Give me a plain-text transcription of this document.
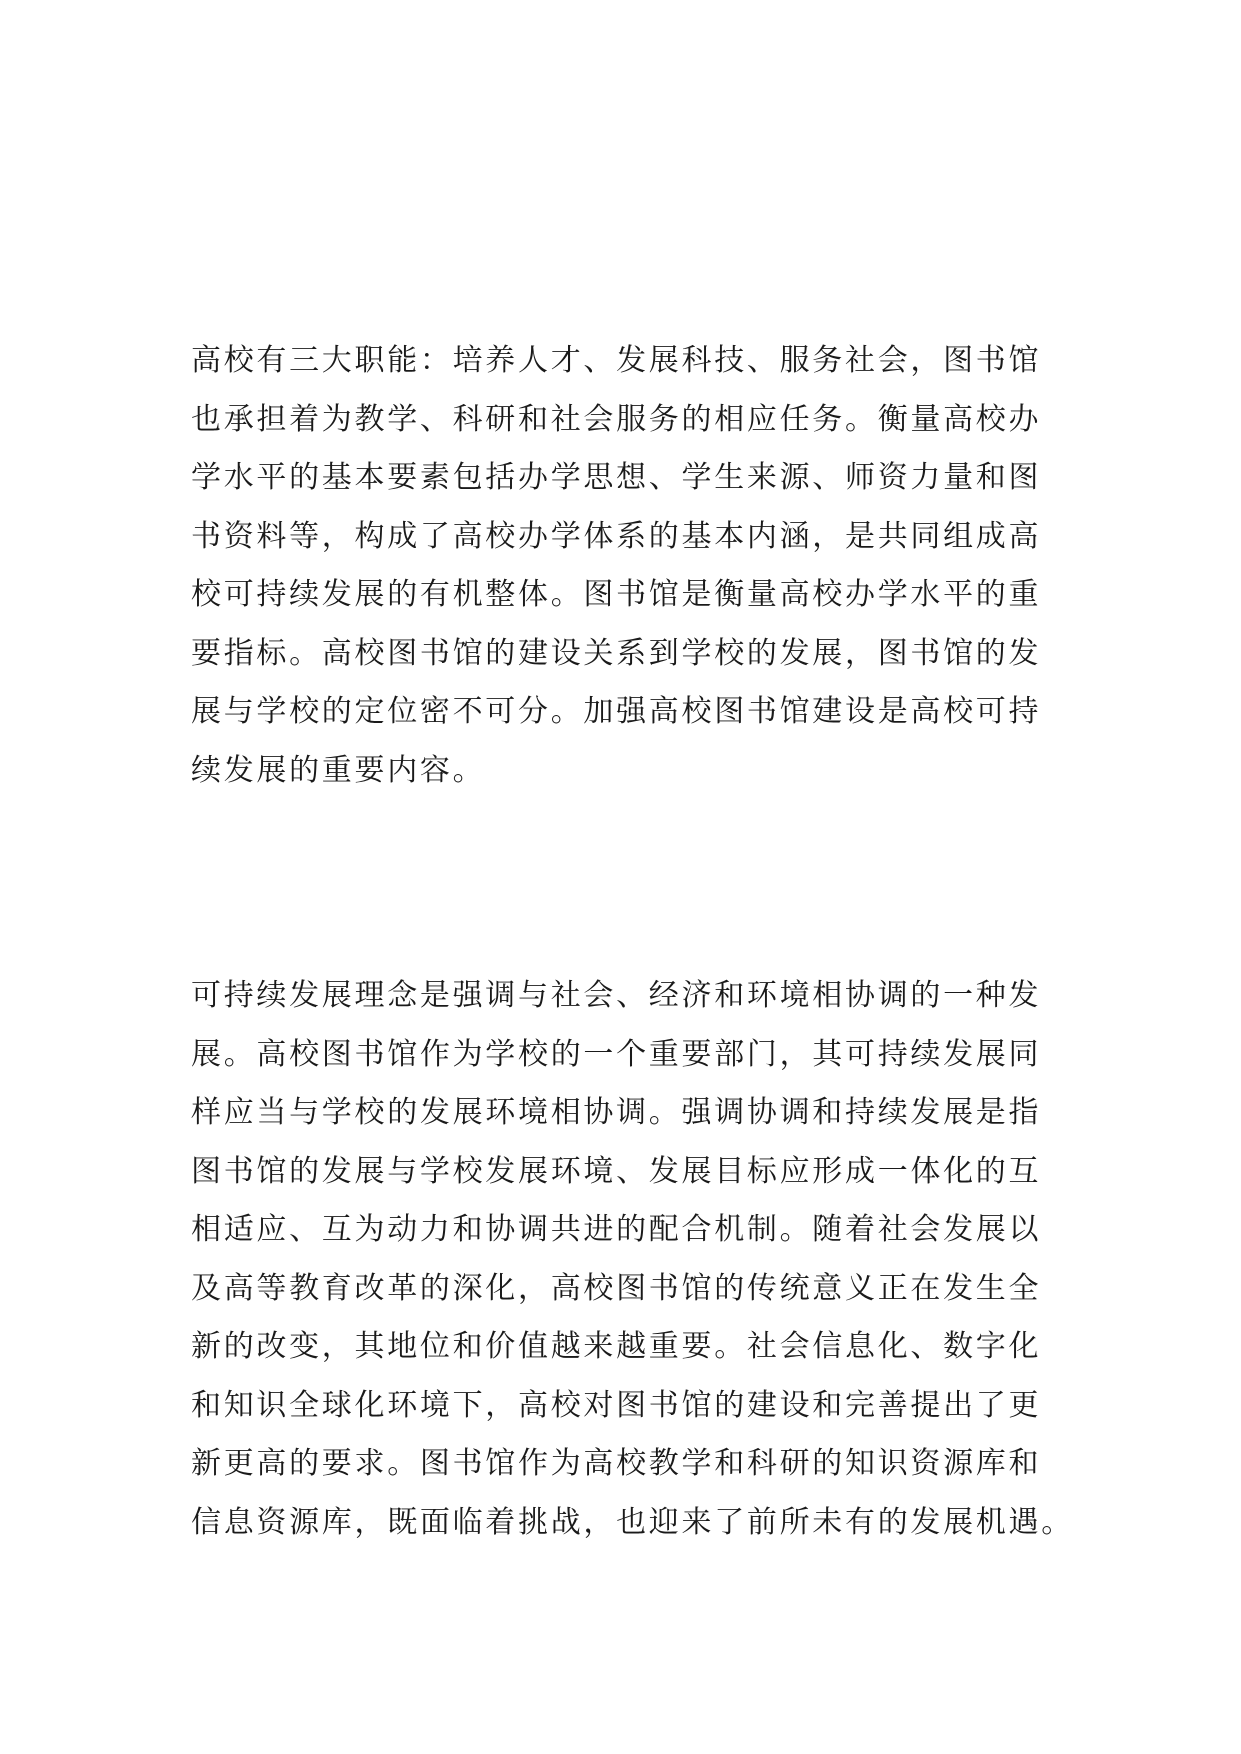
高校有三大职能：培养人才、发展科技、服务社会，图书馆
也承担着为教学、科研和社会服务的相应任务。衡量高校办
学水平的基本要素包括办学思想、学生来源、师资力量和图
书资料等，构成了高校办学体系的基本内涵，是共同组成高
校可持续发展的有机整体。图书馆是衡量高校办学水平的重
要指标。高校图书馆的建设关系到学校的发展，图书馆的发
展与学校的定位密不可分。加强高校图书馆建设是高校可持
续发展的重要内容。
可持续发展理念是强调与社会、经济和环境相协调的一种发
展。高校图书馆作为学校的一个重要部门，其可持续发展同
样应当与学校的发展环境相协调。强调协调和持续发展是指
图书馆的发展与学校发展环境、发展目标应形成一体化的互
相适应、互为动力和协调共进的配合机制。随着社会发展以
及高等教育改革的深化，高校图书馆的传统意义正在发生全
新的改变，其地位和价值越来越重要。社会信息化、数字化
和知识全球化环境下，高校对图书馆的建设和完善提出了更
新更高的要求。图书馆作为高校教学和科研的知识资源库和
信息资源库，既面临着挑战，也迎来了前所未有的发展机遇。
